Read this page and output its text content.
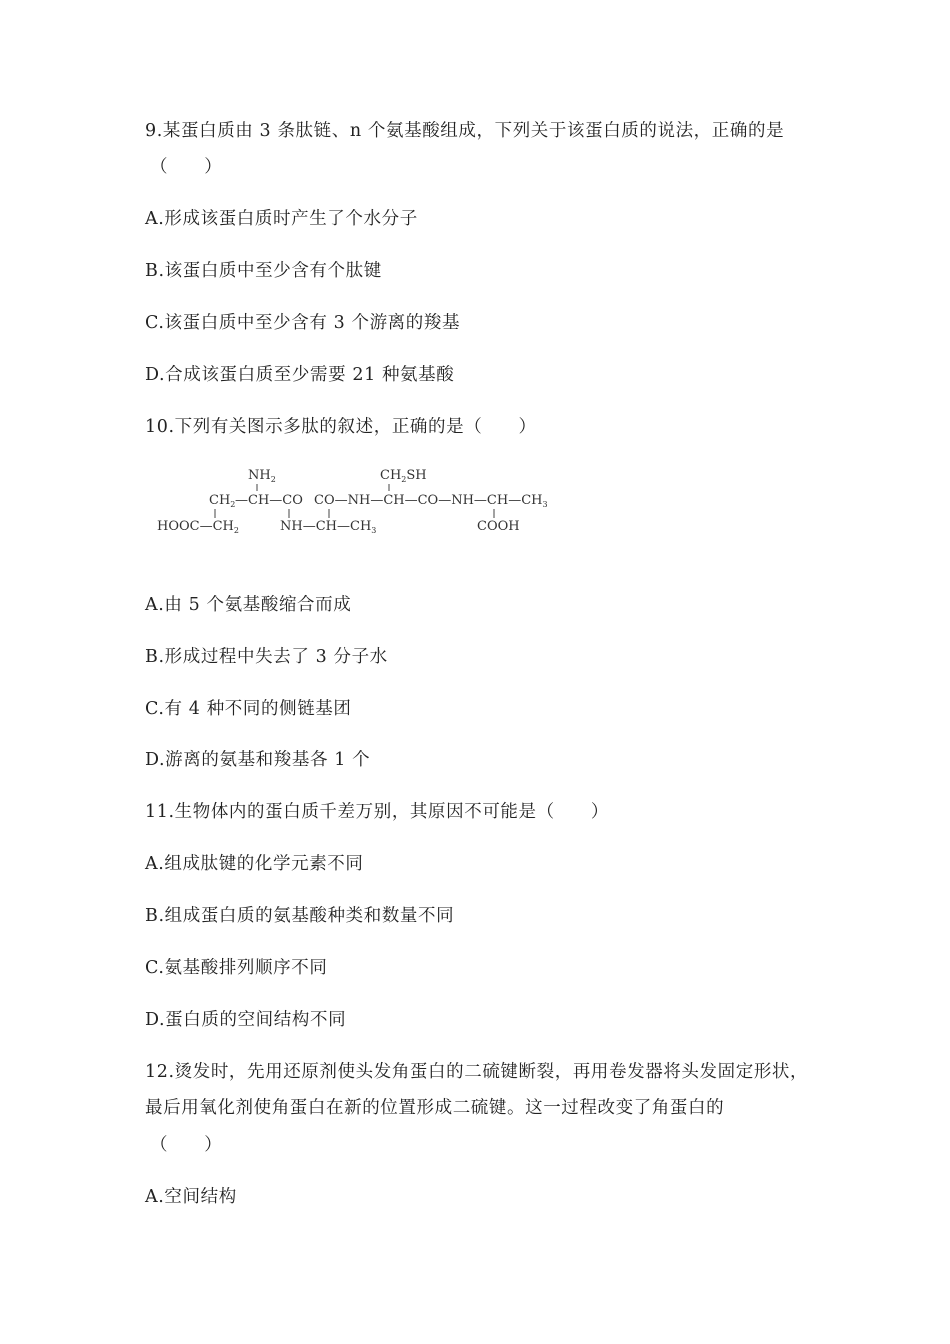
9.某蛋白质由 3 条肽链、n 个氨基酸组成，下列关于该蛋白质的说法，正确的是
（　　）
A.形成该蛋白质时产生了个水分子
B.该蛋白质中至少含有个肽键
C.该蛋白质中至少含有 3 个游离的羧基
D.合成该蛋白质至少需要 21 种氨基酸
10.下列有关图示多肽的叙述，正确的是（　　）
$NH_2$	$CH_2SH$
$CH_2$ —CH—CO $CO—NH—CH—CO—NH—CH—CH_3$
$HOOC—CH_2$	$NH—CH—CH_3$	COOH
A.由 5 个氨基酸缩合而成
B.形成过程中失去了 3 分子水
C.有 4 种不同的侧链基团
D.游离的氨基和羧基各 1 个
11.生物体内的蛋白质千差万别，其原因不可能是（　　）
A.组成肽键的化学元素不同
B.组成蛋白质的氨基酸种类和数量不同
C.氨基酸排列顺序不同
D.蛋白质的空间结构不同
12.烫发时，先用还原剂使头发角蛋白的二硫键断裂，再用卷发器将头发固定形状，最后用氧化剂使角蛋白在新的位置形成二硫键。这一过程改变了角蛋白的
（　　）
A.空间结构
